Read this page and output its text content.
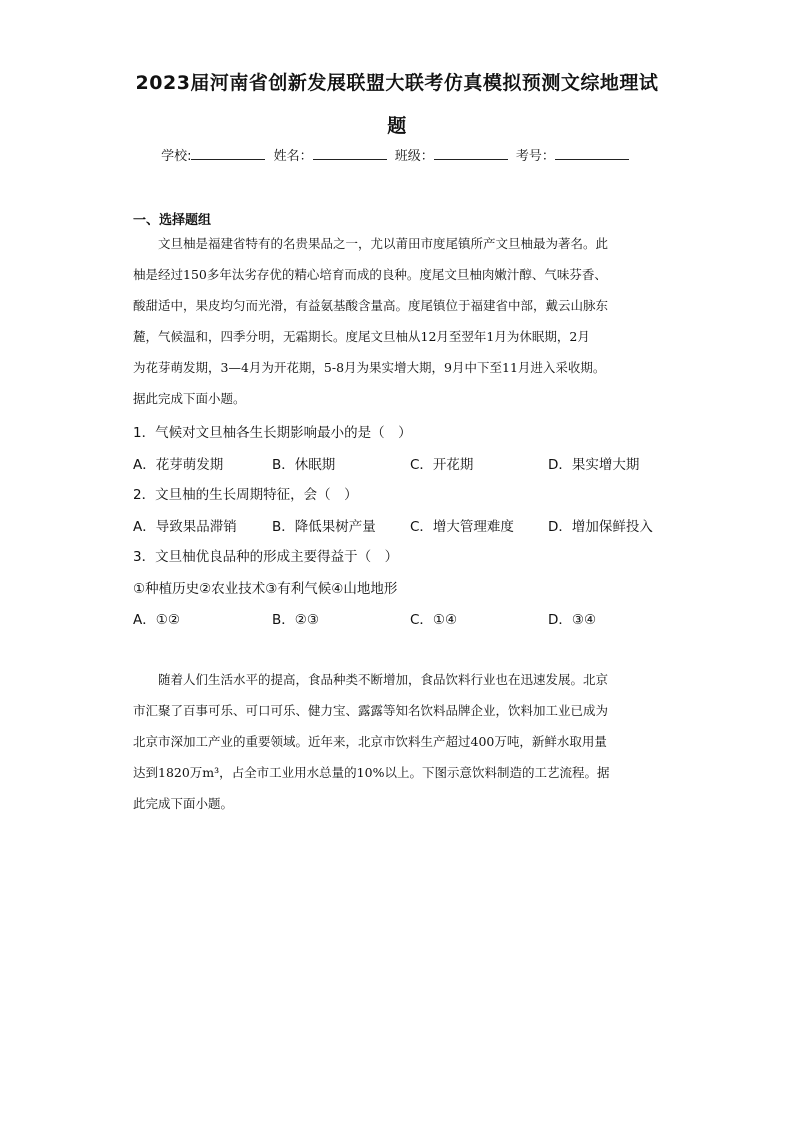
2023届河南省创新发展联盟大联考仿真模拟预测文综地理试
题
学校:	姓名：	班级：	考号：
一、选择题组

　　文旦柚是福建省特有的名贵果品之一，尤以莆田市度尾镇所产文旦柚最为著名。此

柚是经过150多年汰劣存优的精心培育而成的良种。度尾文旦柚肉嫩汁醇、气味芬香、

酸甜适中，果皮均匀而光滑，有益氨基酸含量高。度尾镇位于福建省中部，戴云山脉东

麓，气候温和，四季分明，无霜期长。度尾文旦柚从12月至翌年1月为休眠期，2月

为花芽萌发期，3—4月为开花期，5-8月为果实增大期，9月中下至11月进入采收期。

据此完成下面小题。

1．气候对文旦柚各生长期影响最小的是（　）
A．花芽萌发期	B．休眠期	C．开花期	D．果实增大期
2．文旦柚的生长周期特征，会（　）
A．导致果品滞销	B．降低果树产量	C．增大管理难度	D．增加保鲜投入
3．文旦柚优良品种的形成主要得益于（　）
①种植历史②农业技术③有利气候④山地地形
A．①②	B．②③	C．①④	D．③④

　　随着人们生活水平的提高，食品种类不断增加，食品饮料行业也在迅速发展。北京

市汇聚了百事可乐、可口可乐、健力宝、露露等知名饮料品牌企业，饮料加工业已成为

北京市深加工产业的重要领域。近年来，北京市饮料生产超过400万吨，新鲜水取用量

达到1820万m³，占全市工业用水总量的10%以上。下图示意饮料制造的工艺流程。据

此完成下面小题。
